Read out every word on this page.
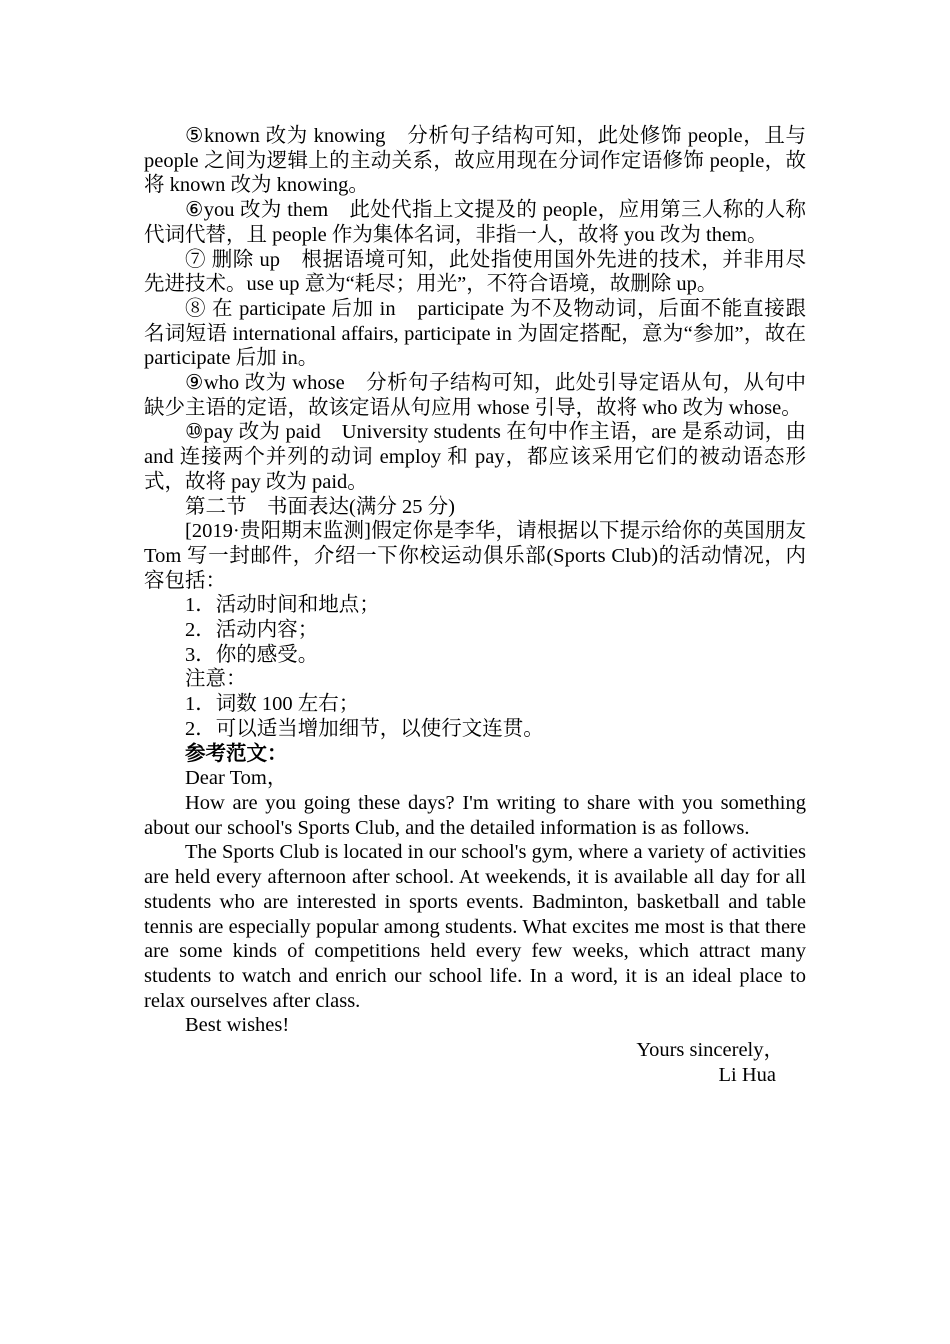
⑤known 改为 knowing　分析句子结构可知，此处修饰 people，且与 people 之间为逻辑上的主动关系，故应用现在分词作定语修饰 people，故将 known 改为 knowing。

⑥you 改为 them　此处代指上文提及的 people，应用第三人称的人称代词代替，且 people 作为集体名词，非指一人，故将 you 改为 them。

⑦ 删除 up　根据语境可知，此处指使用国外先进的技术，并非用尽先进技术。use up 意为“耗尽；用光”，不符合语境，故删除 up。

⑧ 在 participate 后加 in　participate 为不及物动词，后面不能直接跟名词短语 international affairs, participate in 为固定搭配，意为“参加”，故在 participate 后加 in。

⑨who 改为 whose　分析句子结构可知，此处引导定语从句，从句中缺少主语的定语，故该定语从句应用 whose 引导，故将 who 改为 whose。

⑩pay 改为 paid　University students 在句中作主语，are 是系动词，由 and 连接两个并列的动词 employ 和 pay，都应该采用它们的被动语态形式，故将 pay 改为 paid。

第二节　书面表达(满分 25 分)

[2019·贵阳期末监测]假定你是李华，请根据以下提示给你的英国朋友 Tom 写一封邮件，介绍一下你校运动俱乐部(Sports Club)的活动情况，内容包括：

1．活动时间和地点；

2．活动内容；

3．你的感受。

注意：

1．词数 100 左右；

2．可以适当增加细节，以使行文连贯。

参考范文：

Dear Tom，

How are you going these days? I'm writing to share with you something about our school's Sports Club, and the detailed information is as follows.

The Sports Club is located in our school's gym, where a variety of activities are held every afternoon after school. At weekends, it is available all day for all students who are interested in sports events. Badminton, basketball and table tennis are especially popular among students. What excites me most is that there are some kinds of competitions held every few weeks, which attract many students to watch and enrich our school life. In a word, it is an ideal place to relax ourselves after class.

Best wishes!

Yours sincerely，

Li Hua
